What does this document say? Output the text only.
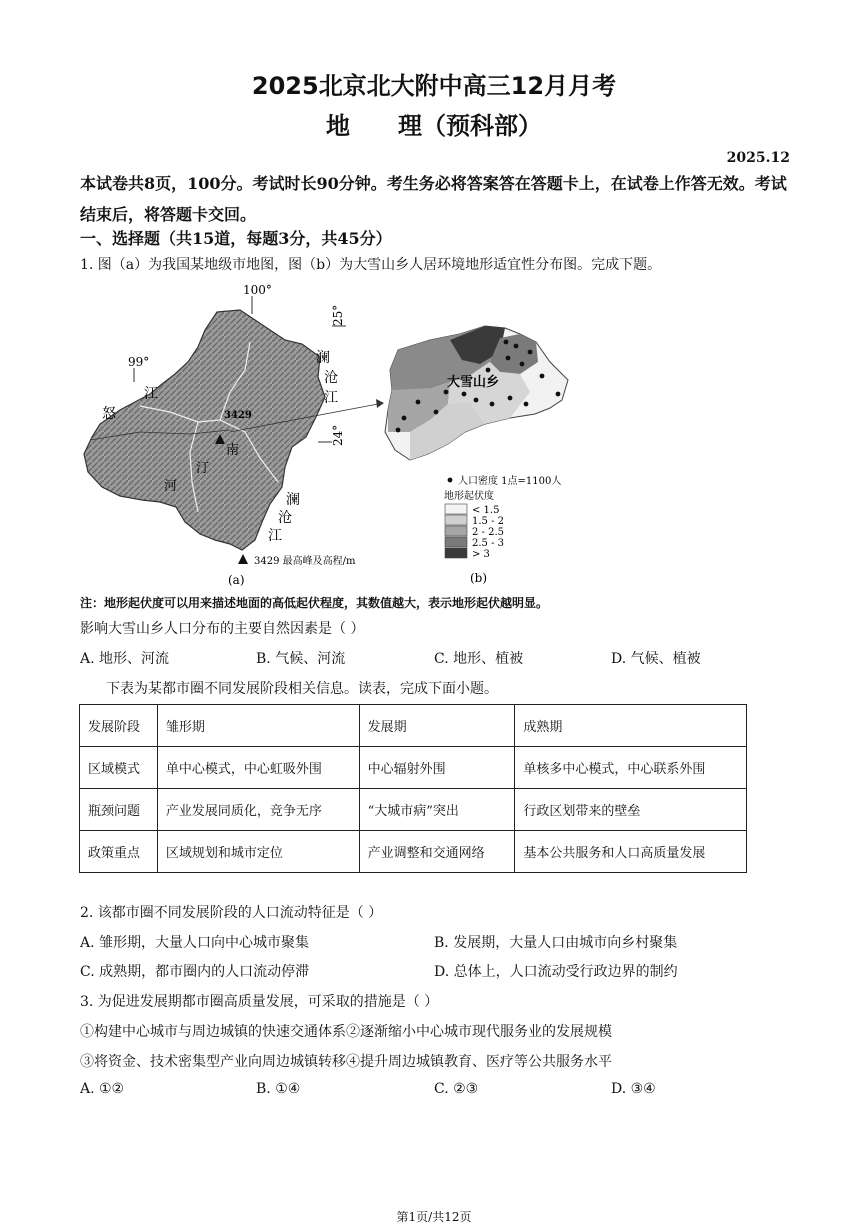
2025北京北大附中高三12月月考
地　　理（预科部）
2025.12
本试卷共8页，100分。考试时长90分钟。考生务必将答案答在答题卡上，在试卷上作答无效。考试结束后，将答题卡交回。
一、选择题（共15道，每题3分，共45分）
1. 图（a）为我国某地级市地图，图（b）为大雪山乡人居环境地形适宜性分布图。完成下题。
100°
99°
25°
24°
澜
沧
江
江
怒	3429
南
汀
河
澜
沧
江
3429 最高峰及高程/m
(a)
大雪山乡
人口密度 1点=1100人
地形起伏度
< 1.5
1.5 - 2
2 - 2.5
2.5 - 3
> 3
(b)
注：地形起伏度可以用来描述地面的高低起伏程度，其数值越大，表示地形起伏越明显。
影响大雪山乡人口分布的主要自然因素是（ ）
A. 地形、河流	B. 气候、河流	C. 地形、植被	D. 气候、植被
下表为某都市圈不同发展阶段相关信息。读表，完成下面小题。
发展阶段	雏形期	发展期	成熟期
区域模式	单中心模式，中心虹吸外围	中心辐射外围	单核多中心模式，中心联系外围
瓶颈问题	产业发展同质化，竞争无序	“大城市病”突出	行政区划带来的壁垒
政策重点	区域规划和城市定位	产业调整和交通网络	基本公共服务和人口高质量发展
2. 该都市圈不同发展阶段的人口流动特征是（ ）
A. 雏形期，大量人口向中心城市聚集	B. 发展期，大量人口由城市向乡村聚集
C. 成熟期，都市圈内的人口流动停滞	D. 总体上，人口流动受行政边界的制约
3. 为促进发展期都市圈高质量发展，可采取的措施是（ ）
①构建中心城市与周边城镇的快速交通体系②逐渐缩小中心城市现代服务业的发展规模
③将资金、技术密集型产业向周边城镇转移④提升周边城镇教育、医疗等公共服务水平
A. ①②	B. ①④	C. ②③	D. ③④
第1页/共12页
